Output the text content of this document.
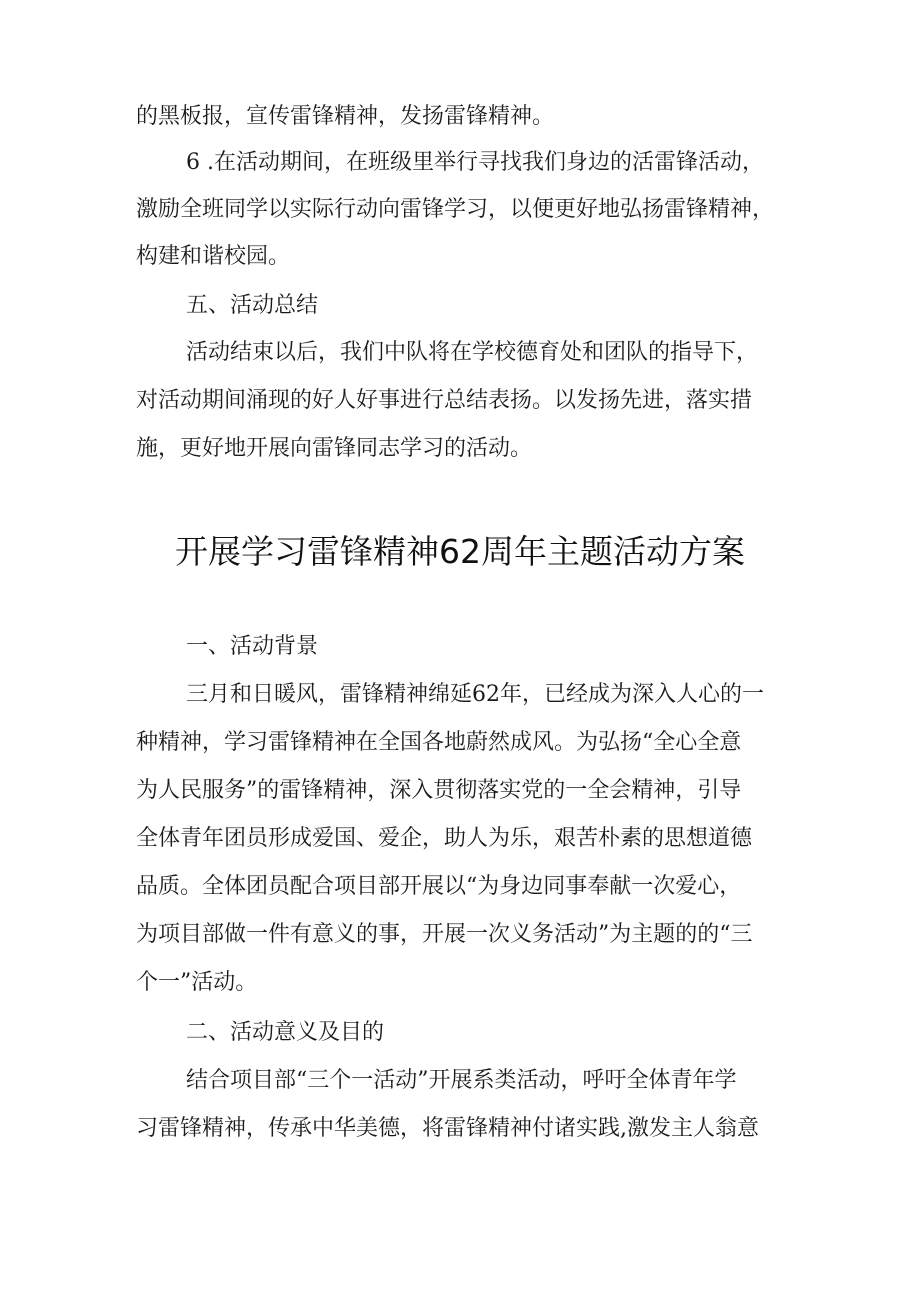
的黑板报，宣传雷锋精神，发扬雷锋精神。
6 .在活动期间，在班级里举行寻找我们身边的活雷锋活动，
激励全班同学以实际行动向雷锋学习，以便更好地弘扬雷锋精神，
构建和谐校园。
五、活动总结
活动结束以后，我们中队将在学校德育处和团队的指导下，
对活动期间涌现的好人好事进行总结表扬。以发扬先进，落实措
施，更好地开展向雷锋同志学习的活动。
开展学习雷锋精神62周年主题活动方案
一、活动背景
三月和日暖风，雷锋精神绵延62年，已经成为深入人心的一
种精神，学习雷锋精神在全国各地蔚然成风。为弘扬“全心全意
为人民服务”的雷锋精神，深入贯彻落实党的一全会精神，引导
全体青年团员形成爱国、爱企，助人为乐，艰苦朴素的思想道德
品质。全体团员配合项目部开展以“为身边同事奉献一次爱心，
为项目部做一件有意义的事，开展一次义务活动”为主题的的“三
个一”活动。
二、活动意义及目的
结合项目部“三个一活动”开展系类活动，呼吁全体青年学
习雷锋精神，传承中华美德，将雷锋精神付诸实践,激发主人翁意
